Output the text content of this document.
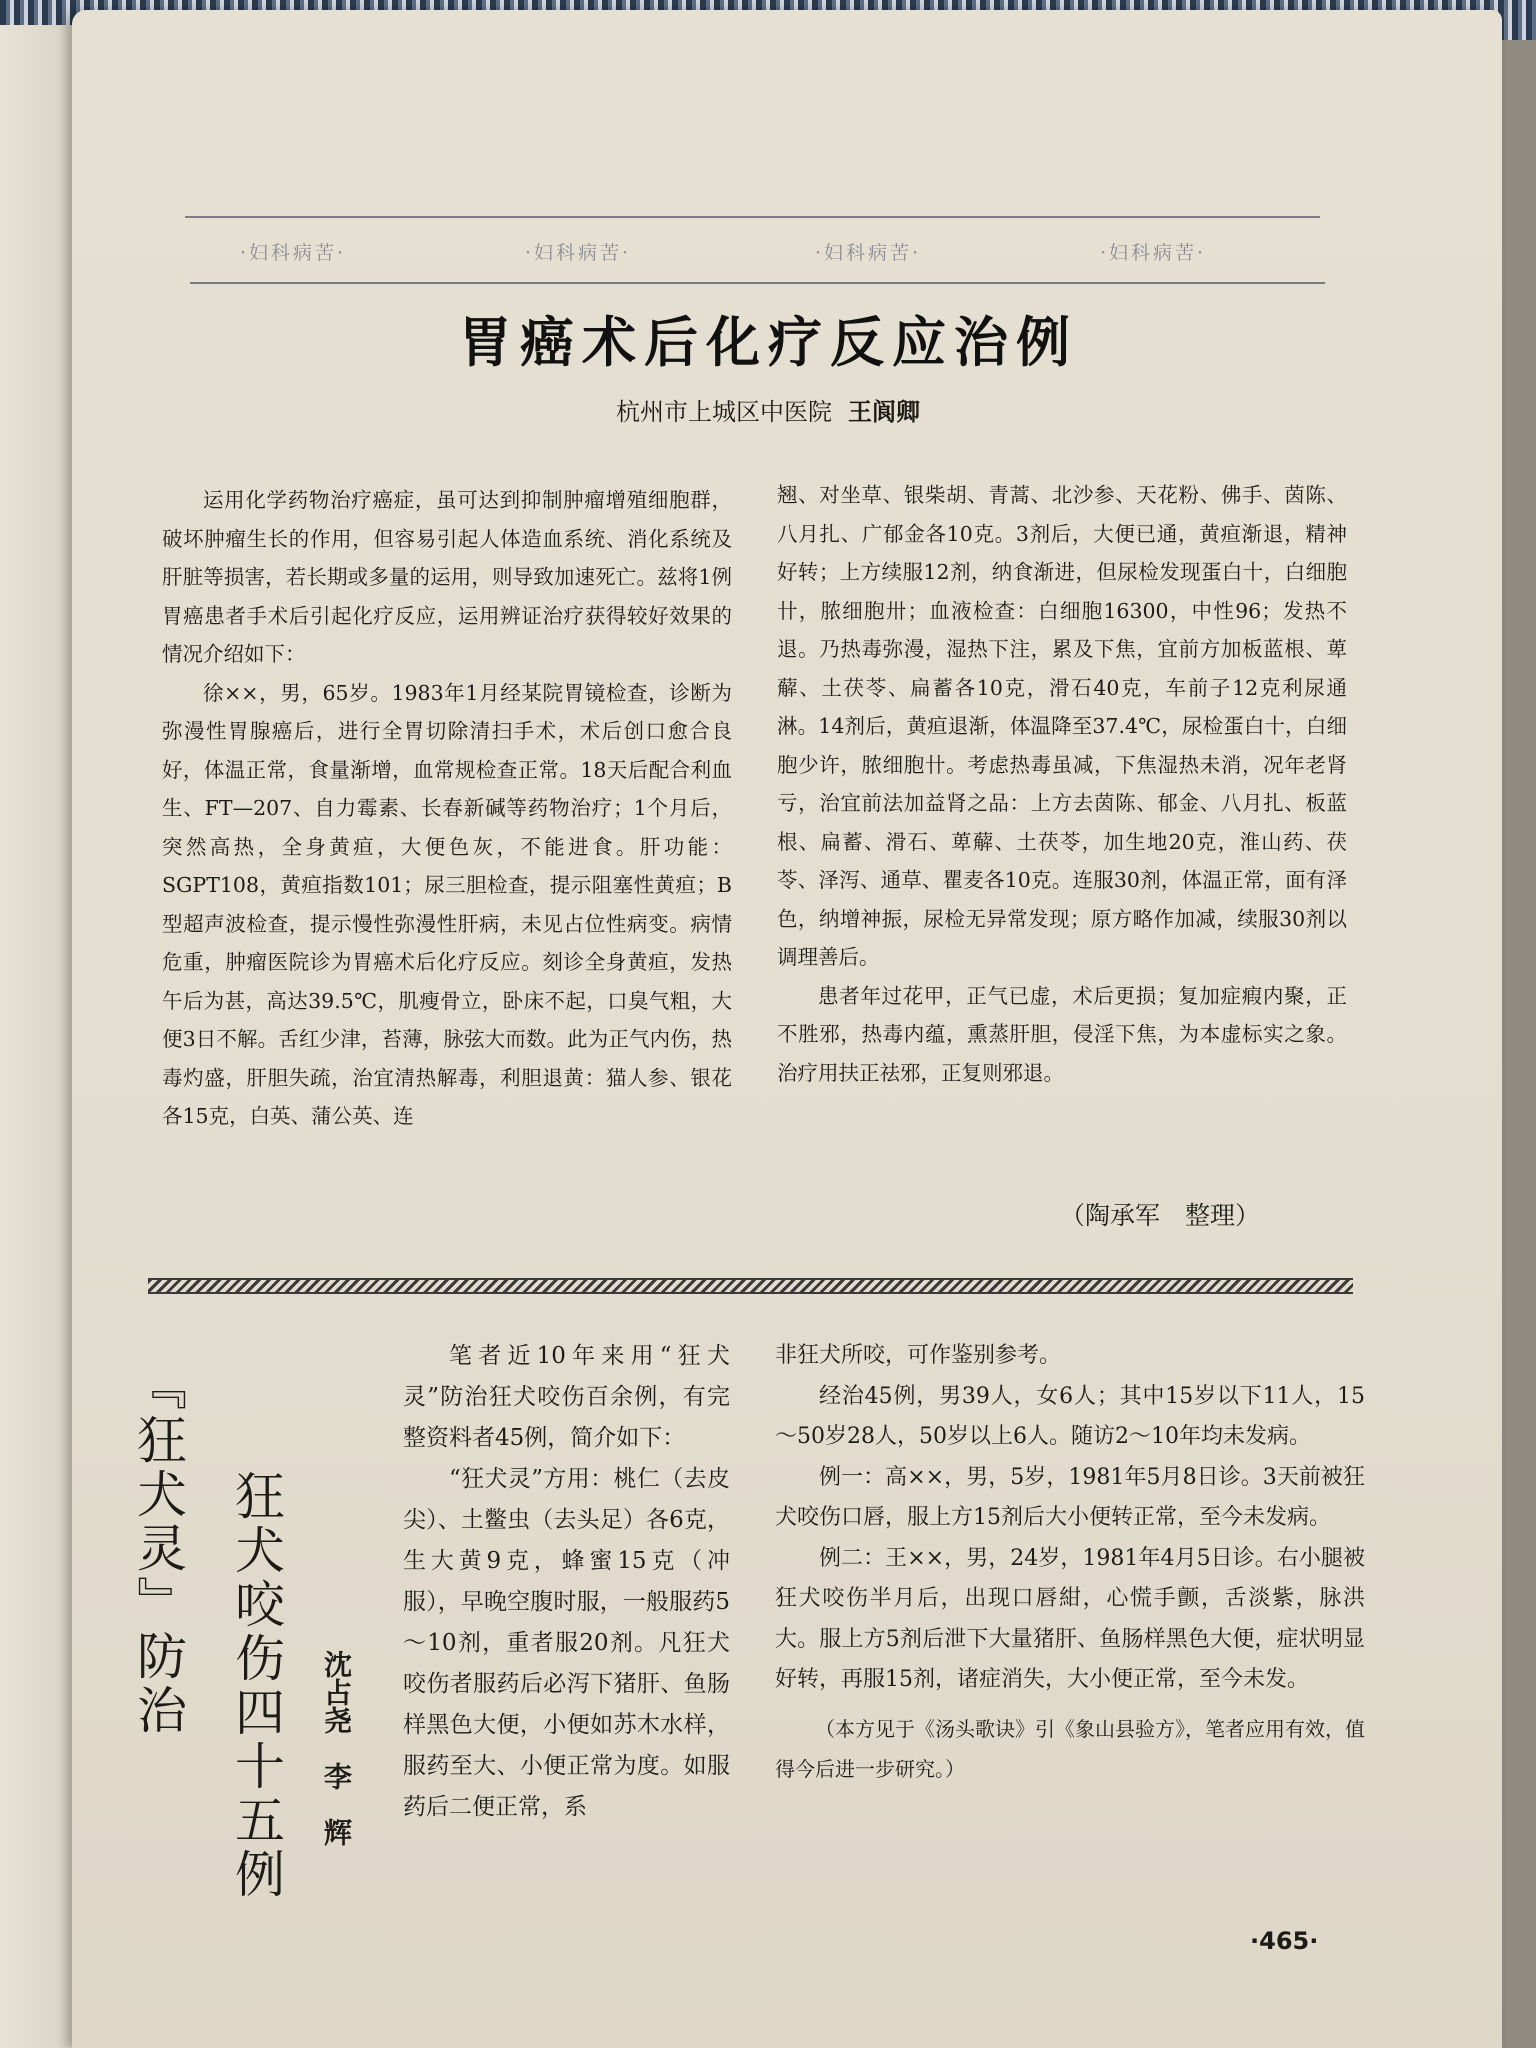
·妇科病苦·	·妇科病苦·	·妇科病苦·	·妇科病苦·
胃癌术后化疗反应治例
杭州市上城区中医院 王阆卿

运用化学药物治疗癌症，虽可达到抑制肿瘤增殖细胞群，破坏肿瘤生长的作用，但容易引起人体造血系统、消化系统及肝脏等损害，若长期或多量的运用，则导致加速死亡。兹将1例胃癌患者手术后引起化疗反应，运用辨证治疗获得较好效果的情况介绍如下：

徐××，男，65岁。1983年1月经某院胃镜检查，诊断为弥漫性胃腺癌后，进行全胃切除清扫手术，术后创口愈合良好，体温正常，食量渐增，血常规检查正常。18天后配合利血生、FT—207、自力霉素、长春新碱等药物治疗；1个月后，突然高热，全身黄疸，大便色灰，不能进食。肝功能：SGPT108，黄疸指数101；尿三胆检查，提示阻塞性黄疸；B型超声波检查，提示慢性弥漫性肝病，未见占位性病变。病情危重，肿瘤医院诊为胃癌术后化疗反应。刻诊全身黄疸，发热午后为甚，高达39.5℃，肌瘦骨立，卧床不起，口臭气粗，大便3日不解。舌红少津，苔薄，脉弦大而数。此为正气内伤，热毒灼盛，肝胆失疏，治宜清热解毒，利胆退黄：猫人参、银花各15克，白英、蒲公英、连

翘、对坐草、银柴胡、青蒿、北沙参、天花粉、佛手、茵陈、八月扎、广郁金各10克。3剂后，大便已通，黄疸渐退，精神好转；上方续服12剂，纳食渐进，但尿检发现蛋白十，白细胞卄，脓细胞卅；血液检查：白细胞16300，中性96；发热不退。乃热毒弥漫，湿热下注，累及下焦，宜前方加板蓝根、萆薢、土茯苓、扁蓄各10克，滑石40克，车前子12克利尿通淋。14剂后，黄疸退渐，体温降至37.4℃，尿检蛋白十，白细胞少许，脓细胞卄。考虑热毒虽减，下焦湿热未消，况年老肾亏，治宜前法加益肾之品：上方去茵陈、郁金、八月扎、板蓝根、扁蓄、滑石、萆薢、土茯苓，加生地20克，淮山药、茯苓、泽泻、通草、瞿麦各10克。连服30剂，体温正常，面有泽色，纳增神振，尿检无异常发现；原方略作加减，续服30剂以调理善后。

患者年过花甲，正气已虚，术后更损；复加症瘕内聚，正不胜邪，热毒内蕴，熏蒸肝胆，侵淫下焦，为本虚标实之象。治疗用扶正祛邪，正复则邪退。

（陶承军　整理）
『狂犬灵』防治 狂犬咬伤四十五例 沈占尧　李　辉

笔者近10年来用“狂犬灵”防治狂犬咬伤百余例，有完整资料者45例，简介如下：

“狂犬灵”方用：桃仁（去皮尖）、土鳖虫（去头足）各6克，生大黄9克，蜂蜜15克（冲服），早晚空腹时服，一般服药5～10剂，重者服20剂。凡狂犬咬伤者服药后必泻下猪肝、鱼肠样黑色大便，小便如苏木水样，服药至大、小便正常为度。如服药后二便正常，系

非狂犬所咬，可作鉴别参考。

经治45例，男39人，女6人；其中15岁以下11人，15～50岁28人，50岁以上6人。随访2～10年均未发病。

例一：高××，男，5岁，1981年5月8日诊。3天前被狂犬咬伤口唇，服上方15剂后大小便转正常，至今未发病。

例二：王××，男，24岁，1981年4月5日诊。右小腿被狂犬咬伤半月后，出现口唇紺，心慌手颤，舌淡紫，脉洪大。服上方5剂后泄下大量猪肝、鱼肠样黑色大便，症状明显好转，再服15剂，诸症消失，大小便正常，至今未发。

（本方见于《汤头歌诀》引《象山县验方》，笔者应用有效，值得今后进一步研究。）

·465·
